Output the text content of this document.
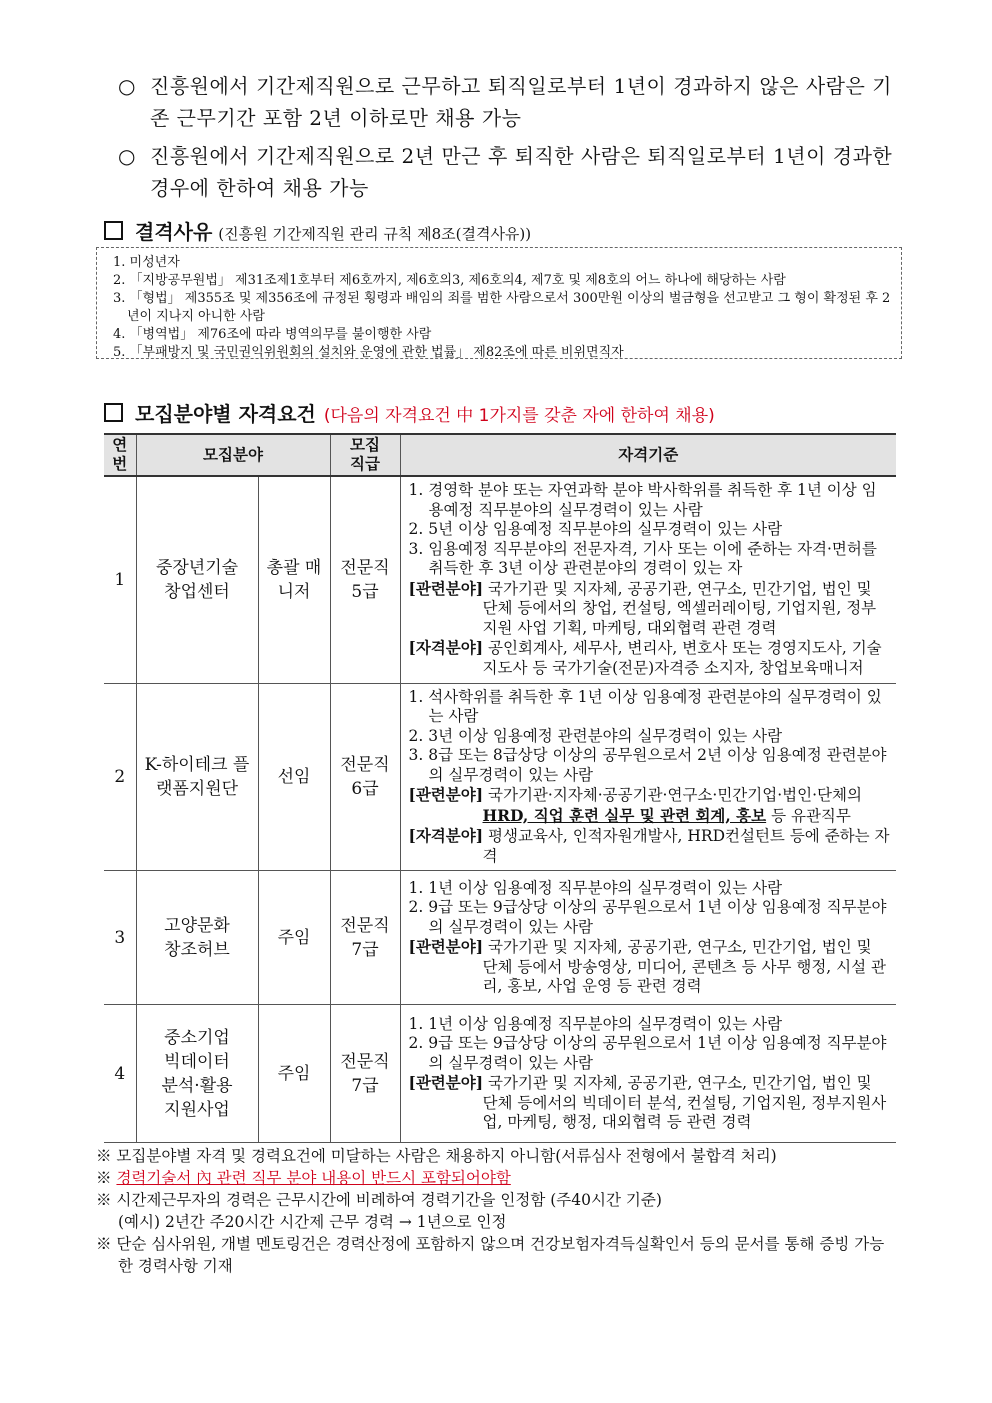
○ 진흥원에서 기간제직원으로 근무하고 퇴직일로부터 1년이 경과하지 않은 사람은 기존 근무기간 포함 2년 이하로만 채용 가능
○ 진흥원에서 기간제직원으로 2년 만근 후 퇴직한 사람은 퇴직일로부터 1년이 경과한 경우에 한하여 채용 가능
결격사유 (진흥원 기간제직원 관리 규칙 제8조(결격사유))
1. 미성년자
2. 「지방공무원법」 제31조제1호부터 제6호까지, 제6호의3, 제6호의4, 제7호 및 제8호의 어느 하나에 해당하는 사람
3. 「형법」 제355조 및 제356조에 규정된 횡령과 배임의 죄를 범한 사람으로서 300만원 이상의 벌금형을 선고받고 그 형이 확정된 후 2년이 지나지 아니한 사람
4. 「병역법」 제76조에 따라 병역의무를 불이행한 사람
5. 「부패방지 및 국민권익위원회의 설치와 운영에 관한 법률」 제82조에 따른 비위면직자
모집분야별 자격요건 (다음의 자격요건 中 1가지를 갖춘 자에 한하여 채용)
연번	모집분야		모집직급	자격기준
1	중장년기술 창업센터	총괄 매니저	전문직 5급	1. 경영학 분야 또는 자연과학 분야 박사학위를 취득한 후 1년 이상 임용예정 직무분야의 실무경력이 있는 사람
2. 5년 이상 임용예정 직무분야의 실무경력이 있는 사람
3. 임용예정 직무분야의 전문자격, 기사 또는 이에 준하는 자격·면허를 취득한 후 3년 이상 관련분야의 경력이 있는 자
[관련분야] 국가기관 및 지자체, 공공기관, 연구소, 민간기업, 법인 및 단체 등에서의 창업, 컨설팅, 엑셀러레이팅, 기업지원, 정부 지원 사업 기획, 마케팅, 대외협력 관련 경력
[자격분야] 공인회계사, 세무사, 변리사, 변호사 또는 경영지도사, 기술지도사 등 국가기술(전문)자격증 소지자, 창업보육매니저

2	K-하이테크 플랫폼지원단	선임	전문직 6급	1. 석사학위를 취득한 후 1년 이상 임용예정 관련분야의 실무경력이 있는 사람
2. 3년 이상 임용예정 관련분야의 실무경력이 있는 사람
3. 8급 또는 8급상당 이상의 공무원으로서 2년 이상 임용예정 관련분야의 실무경력이 있는 사람
[관련분야] 국가기관·지자체·공공기관·연구소·민간기업·법인·단체의 HRD, 직업 훈련 실무 및 관련 회계, 홍보 등 유관직무
[자격분야] 평생교육사, 인적자원개발사, HRD컨설턴트 등에 준하는 자격

3	고양문화 창조허브	주임	전문직 7급	1. 1년 이상 임용예정 직무분야의 실무경력이 있는 사람
2. 9급 또는 9급상당 이상의 공무원으로서 1년 이상 임용예정 직무분야의 실무경력이 있는 사람
[관련분야] 국가기관 및 지자체, 공공기관, 연구소, 민간기업, 법인 및 단체 등에서 방송영상, 미디어, 콘텐츠 등 사무 행정, 시설 관리, 홍보, 사업 운영 등 관련 경력

4	중소기업 빅데이터 분석·활용 지원사업	주임	전문직 7급	1. 1년 이상 임용예정 직무분야의 실무경력이 있는 사람
2. 9급 또는 9급상당 이상의 공무원으로서 1년 이상 임용예정 직무분야의 실무경력이 있는 사람
[관련분야] 국가기관 및 지자체, 공공기관, 연구소, 민간기업, 법인 및 단체 등에서의 빅데이터 분석, 컨설팅, 기업지원, 정부지원사업, 마케팅, 행정, 대외협력 등 관련 경력
※ 모집분야별 자격 및 경력요건에 미달하는 사람은 채용하지 아니함(서류심사 전형에서 불합격 처리)
※ 경력기술서 內 관련 직무 분야 내용이 반드시 포함되어야함
※ 시간제근무자의 경력은 근무시간에 비례하여 경력기간을 인정함 (주40시간 기준)
(예시) 2년간 주20시간 시간제 근무 경력 → 1년으로 인정
※ 단순 심사위원, 개별 멘토링건은 경력산정에 포함하지 않으며 건강보험자격득실확인서 등의 문서를 통해 증빙 가능한 경력사항 기재
